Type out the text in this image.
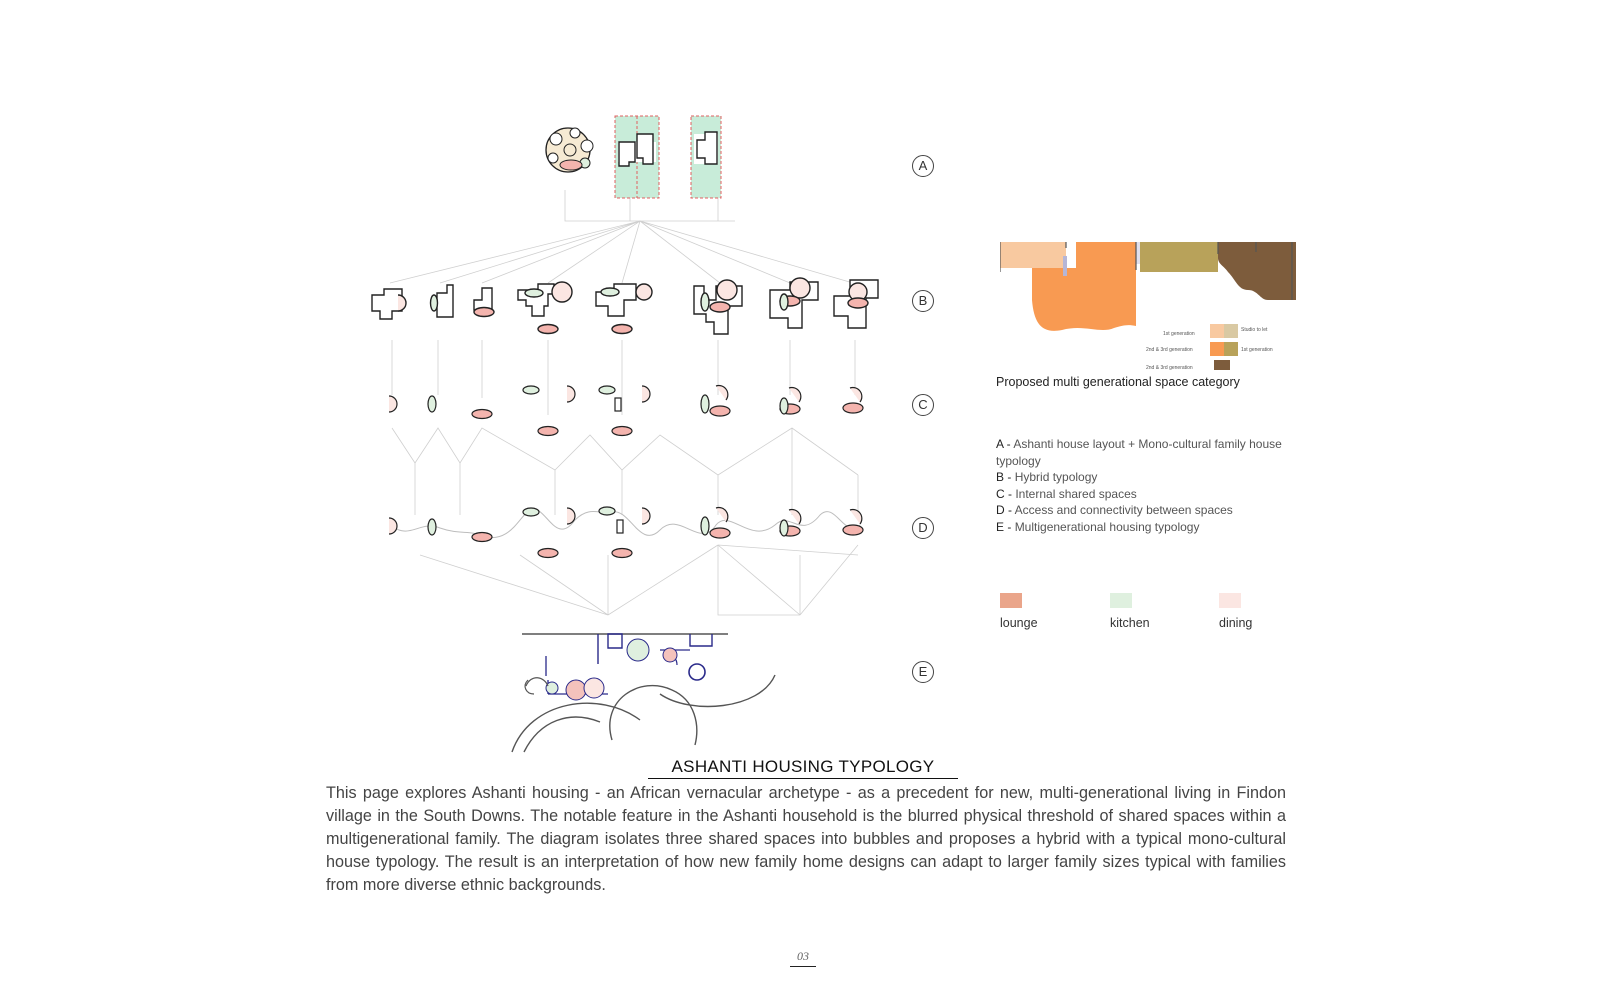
A
B
C
D
E
1st generation
Studio to let
2nd & 3rd generation	1st generation
2nd & 3rd generation
Proposed multi generational space category
A - Ashanti house layout + Mono-cultural family house typology
B - Hybrid typology
C - Internal shared spaces
D - Access and connectivity between spaces
E - Multigenerational housing typology
lounge	kitchen	dining
ASHANTI HOUSING TYPOLOGY
This page explores Ashanti housing - an African vernacular archetype - as a precedent for new, multi-generational living in Findon village in the South Downs. The notable feature in the Ashanti household is the blurred physical threshold of shared spaces within a multigenerational family. The diagram isolates three shared spaces into bubbles and proposes a hybrid with a typical mono-cultural house typology. The result is an interpretation of how new family home designs can adapt to larger family sizes typical with families from more diverse ethnic backgrounds.
03
